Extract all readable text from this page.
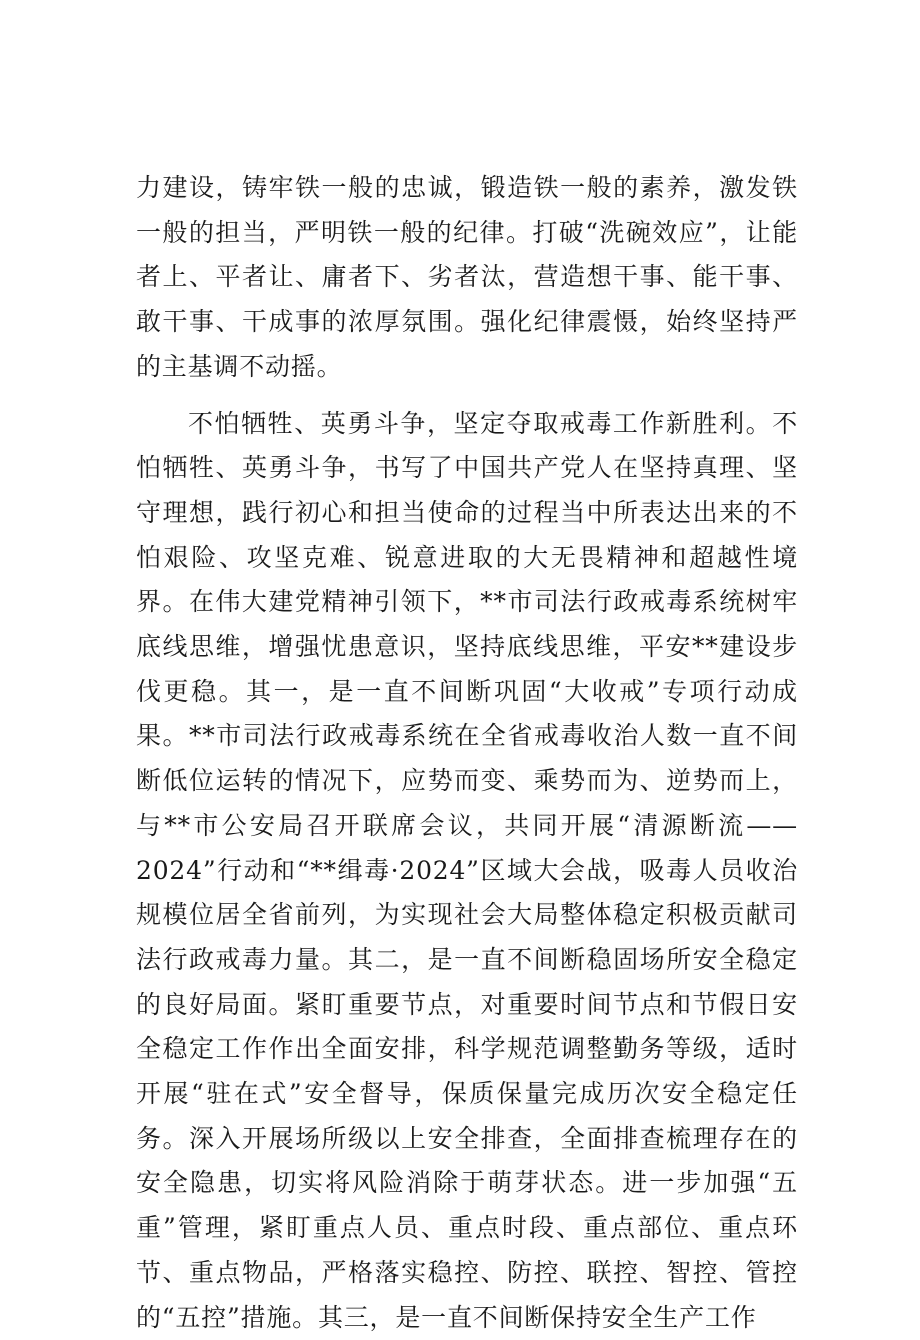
力建设，铸牢铁一般的忠诚，锻造铁一般的素养，激发铁一般的担当，严明铁一般的纪律。打破“洗碗效应”，让能者上、平者让、庸者下、劣者汰，营造想干事、能干事、敢干事、干成事的浓厚氛围。强化纪律震慑，始终坚持严的主基调不动摇。

不怕牺牲、英勇斗争，坚定夺取戒毒工作新胜利。不怕牺牲、英勇斗争，书写了中国共产党人在坚持真理、坚守理想，践行初心和担当使命的过程当中所表达出来的不怕艰险、攻坚克难、锐意进取的大无畏精神和超越性境界。在伟大建党精神引领下，**市司法行政戒毒系统树牢底线思维，增强忧患意识，坚持底线思维，平安**建设步伐更稳。其一，是一直不间断巩固“大收戒”专项行动成果。**市司法行政戒毒系统在全省戒毒收治人数一直不间断低位运转的情况下，应势而变、乘势而为、逆势而上，与**市公安局召开联席会议，共同开展“清源断流——2024”行动和“**缉毒·2024”区域大会战，吸毒人员收治规模位居全省前列，为实现社会大局整体稳定积极贡献司法行政戒毒力量。其二，是一直不间断稳固场所安全稳定的良好局面。紧盯重要节点，对重要时间节点和节假日安全稳定工作作出全面安排，科学规范调整勤务等级，适时开展“驻在式”安全督导，保质保量完成历次安全稳定任务。深入开展场所级以上安全排查，全面排查梳理存在的安全隐患，切实将风险消除于萌芽状态。进一步加强“五重”管理，紧盯重点人员、重点时段、重点部位、重点环节、重点物品，严格落实稳控、防控、联控、智控、管控的“五控”措施。其三，是一直不间断保持安全生产工作
